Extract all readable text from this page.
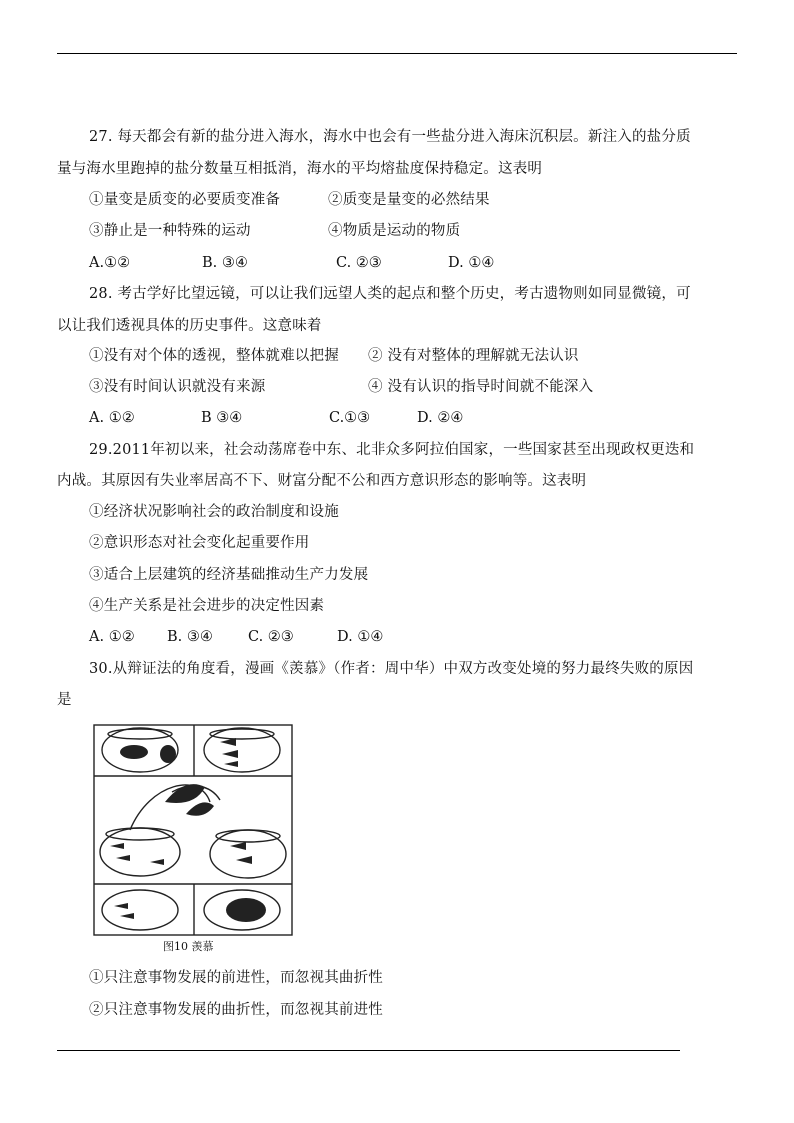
27. 每天都会有新的盐分进入海水，海水中也会有一些盐分进入海床沉积层。新注入的盐分质
量与海水里跑掉的盐分数量互相抵消，海水的平均熔盐度保持稳定。这表明
①量变是质变的必要质变准备	②质变是量变的必然结果
③静止是一种特殊的运动	④物质是运动的物质
A.①②	B. ③④	C. ②③	D. ①④
28. 考古学好比望远镜，可以让我们远望人类的起点和整个历史，考古遗物则如同显微镜，可
以让我们透视具体的历史事件。这意味着
①没有对个体的透视，整体就难以把握 ② 没有对整体的理解就无法认识
③没有时间认识就没有来源	④ 没有认识的指导时间就不能深入
A. ①②	B ③④	C.①③	D. ②④
29.2011年初以来，社会动荡席卷中东、北非众多阿拉伯国家，一些国家甚至出现政权更迭和
内战。其原因有失业率居高不下、财富分配不公和西方意识形态的影响等。这表明
①经济状况影响社会的政治制度和设施
②意识形态对社会变化起重要作用
③适合上层建筑的经济基础推动生产力发展
④生产关系是社会进步的决定性因素
A. ①② B. ③④ C. ②③	D. ①④
30.从辩证法的角度看，漫画《羡慕》（作者：周中华）中双方改变处境的努力最终失败的原因
是
图10 羡慕
①只注意事物发展的前进性，而忽视其曲折性
②只注意事物发展的曲折性，而忽视其前进性
